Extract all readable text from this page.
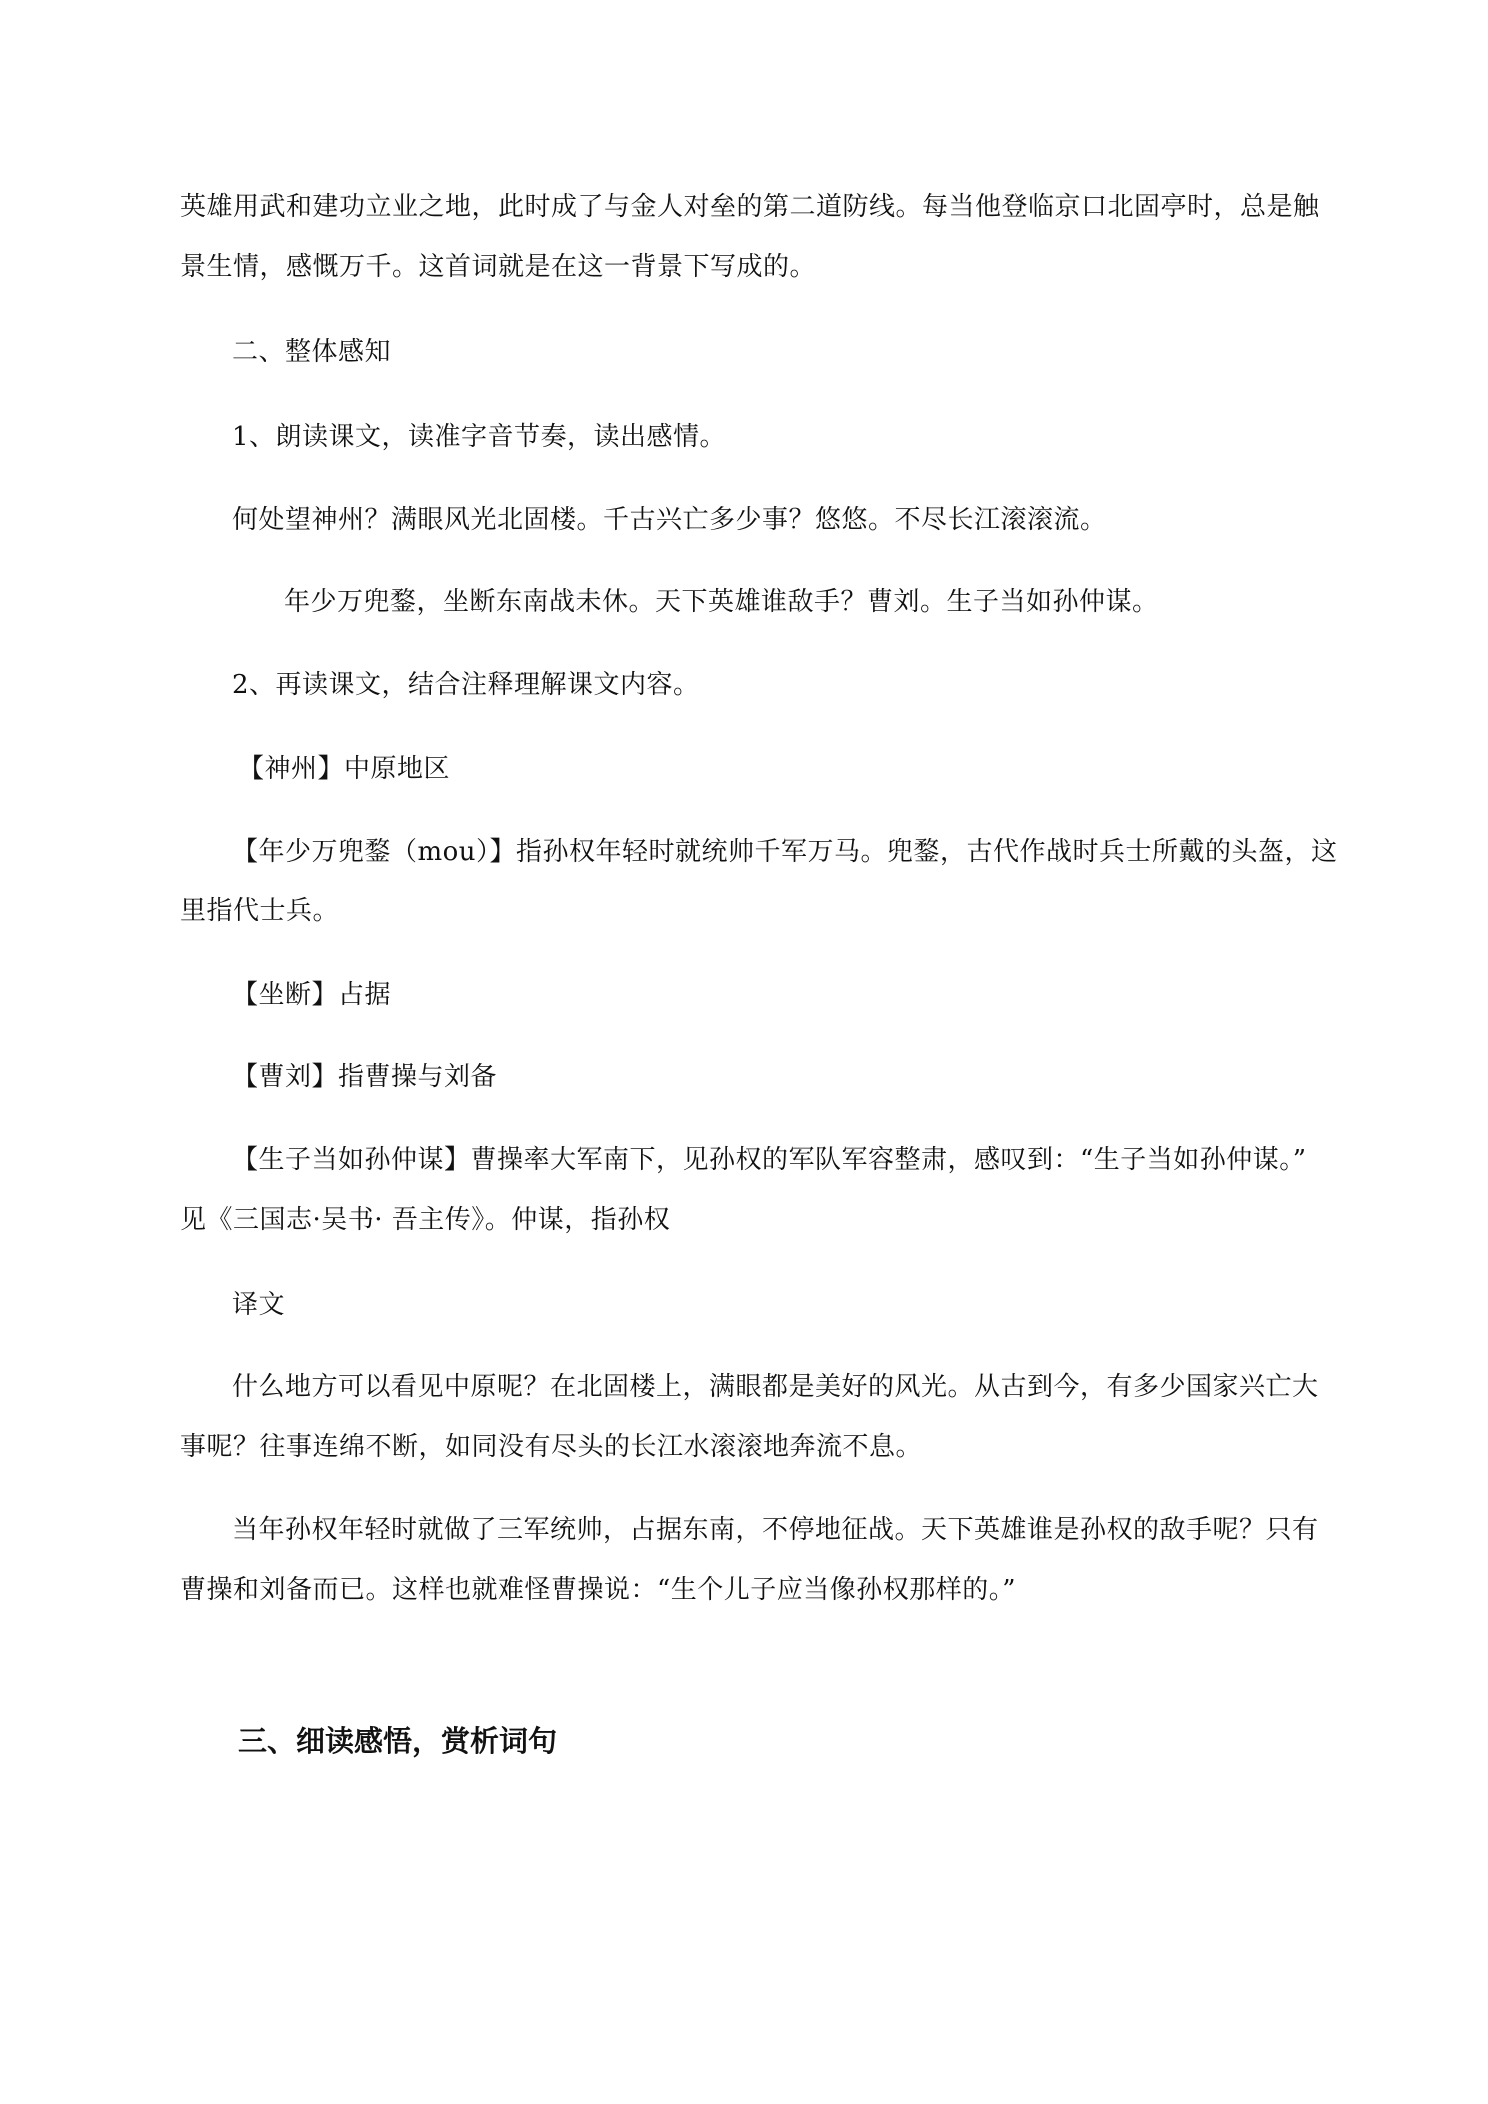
英雄用武和建功立业之地，此时成了与金人对垒的第二道防线。每当他登临京口北固亭时，总是触
景生情，感慨万千。这首词就是在这一背景下写成的。
二、整体感知
1、朗读课文，读准字音节奏，读出感情。
何处望神州？满眼风光北固楼。千古兴亡多少事？悠悠。不尽长江滚滚流。
年少万兜鍪，坐断东南战未休。天下英雄谁敌手？曹刘。生子当如孙仲谋。
2、再读课文，结合注释理解课文内容。
【神州】中原地区
【年少万兜鍪（mou）】指孙权年轻时就统帅千军万马。兜鍪，古代作战时兵士所戴的头盔，这
里指代士兵。
【坐断】占据
【曹刘】指曹操与刘备
【生子当如孙仲谋】曹操率大军南下，见孙权的军队军容整肃，感叹到：“生子当如孙仲谋。”
见《三国志·吴书· 吾主传》。仲谋，指孙权
译文
什么地方可以看见中原呢？在北固楼上，满眼都是美好的风光。从古到今，有多少国家兴亡大
事呢？往事连绵不断，如同没有尽头的长江水滚滚地奔流不息。
当年孙权年轻时就做了三军统帅，占据东南，不停地征战。天下英雄谁是孙权的敌手呢？只有
曹操和刘备而已。这样也就难怪曹操说：“生个儿子应当像孙权那样的。”
三、细读感悟，赏析词句
